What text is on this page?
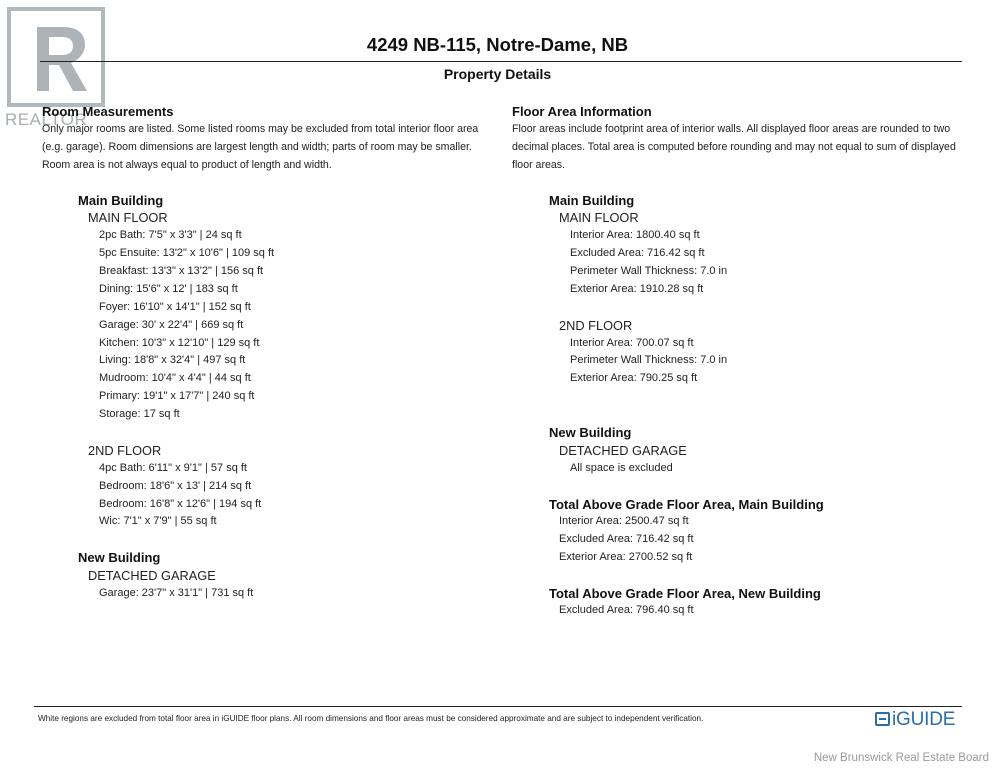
REALTOR
4249 NB-115, Notre-Dame, NB
Property Details
Room Measurements
Only major rooms are listed. Some listed rooms may be excluded from total interior floor area
(e.g. garage). Room dimensions are largest length and width; parts of room may be smaller.
Room area is not always equal to product of length and width.
Main Building
MAIN FLOOR
2pc Bath: 7'5" x 3'3" | 24 sq ft
5pc Ensuite: 13'2" x 10'6" | 109 sq ft
Breakfast: 13'3" x 13'2" | 156 sq ft
Dining: 15'6" x 12' | 183 sq ft
Foyer: 16'10" x 14'1" | 152 sq ft
Garage: 30' x 22'4" | 669 sq ft
Kitchen: 10'3" x 12'10" | 129 sq ft
Living: 18'8" x 32'4" | 497 sq ft
Mudroom: 10'4" x 4'4" | 44 sq ft
Primary: 19'1" x 17'7" | 240 sq ft
Storage: 17 sq ft
2ND FLOOR
4pc Bath: 6'11" x 9'1" | 57 sq ft
Bedroom: 18'6" x 13' | 214 sq ft
Bedroom: 16'8" x 12'6" | 194 sq ft
Wic: 7'1" x 7'9" | 55 sq ft
New Building
DETACHED GARAGE
Garage: 23'7" x 31'1" | 731 sq ft
Floor Area Information
Floor areas include footprint area of interior walls. All displayed floor areas are rounded to two
decimal places. Total area is computed before rounding and may not equal to sum of displayed
floor areas.
Main Building
MAIN FLOOR
Interior Area: 1800.40 sq ft
Excluded Area: 716.42 sq ft
Perimeter Wall Thickness: 7.0 in
Exterior Area: 1910.28 sq ft
2ND FLOOR
Interior Area: 700.07 sq ft
Perimeter Wall Thickness: 7.0 in
Exterior Area: 790.25 sq ft
New Building
DETACHED GARAGE
All space is excluded
Total Above Grade Floor Area, Main Building
Interior Area: 2500.47 sq ft
Excluded Area: 716.42 sq ft
Exterior Area: 2700.52 sq ft
Total Above Grade Floor Area, New Building
Excluded Area: 796.40 sq ft
White regions are excluded from total floor area in iGUIDE floor plans. All room dimensions and floor areas must be considered approximate and are subject to independent verification.	iGUIDE
New Brunswick Real Estate Board
